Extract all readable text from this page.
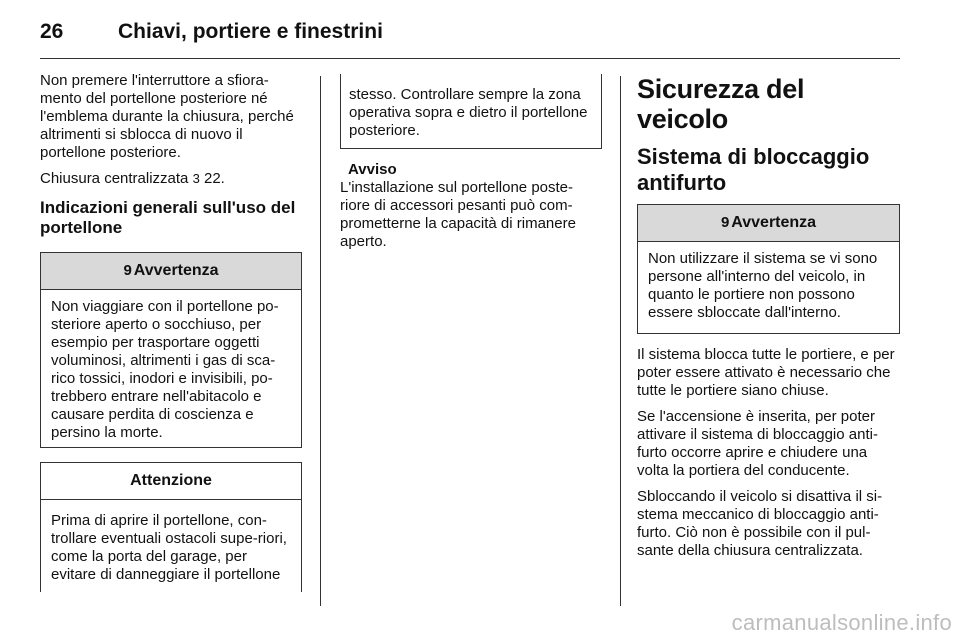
26	Chiavi, portiere e finestrini

Non premere l'interruttore a sfiora-mento del portellone posteriore né l'emblema durante la chiusura, perché altrimenti si sblocca di nuovo il portellone posteriore.

Chiusura centralizzata 3 22.

Indicazioni generali sull'uso del portellone
9 Avvertenza

Non viaggiare con il portellone po-steriore aperto o socchiuso, per esempio per trasportare oggetti voluminosi, altrimenti i gas di sca-rico tossici, inodori e invisibili, po-trebbero entrare nell'abitacolo e causare perdita di coscienza e persino la morte.

Attenzione

Prima di aprire il portellone, con-trollare eventuali ostacoli supe-riori, come la porta del garage, per evitare di danneggiare il portellone

stesso. Controllare sempre la zona operativa sopra e dietro il portellone posteriore.

Avviso

L'installazione sul portellone poste-riore di accessori pesanti può com-prometterne la capacità di rimanere aperto.

Sicurezza del veicolo
Sistema di bloccaggio antifurto
9 Avvertenza

Non utilizzare il sistema se vi sono persone all'interno del veicolo, in quanto le portiere non possono essere sbloccate dall'interno.

Il sistema blocca tutte le portiere, e per poter essere attivato è necessario che tutte le portiere siano chiuse.

Se l'accensione è inserita, per poter attivare il sistema di bloccaggio anti-furto occorre aprire e chiudere una volta la portiera del conducente.

Sbloccando il veicolo si disattiva il si-stema meccanico di bloccaggio anti-furto. Ciò non è possibile con il pul-sante della chiusura centralizzata.

carmanualsonline.info
